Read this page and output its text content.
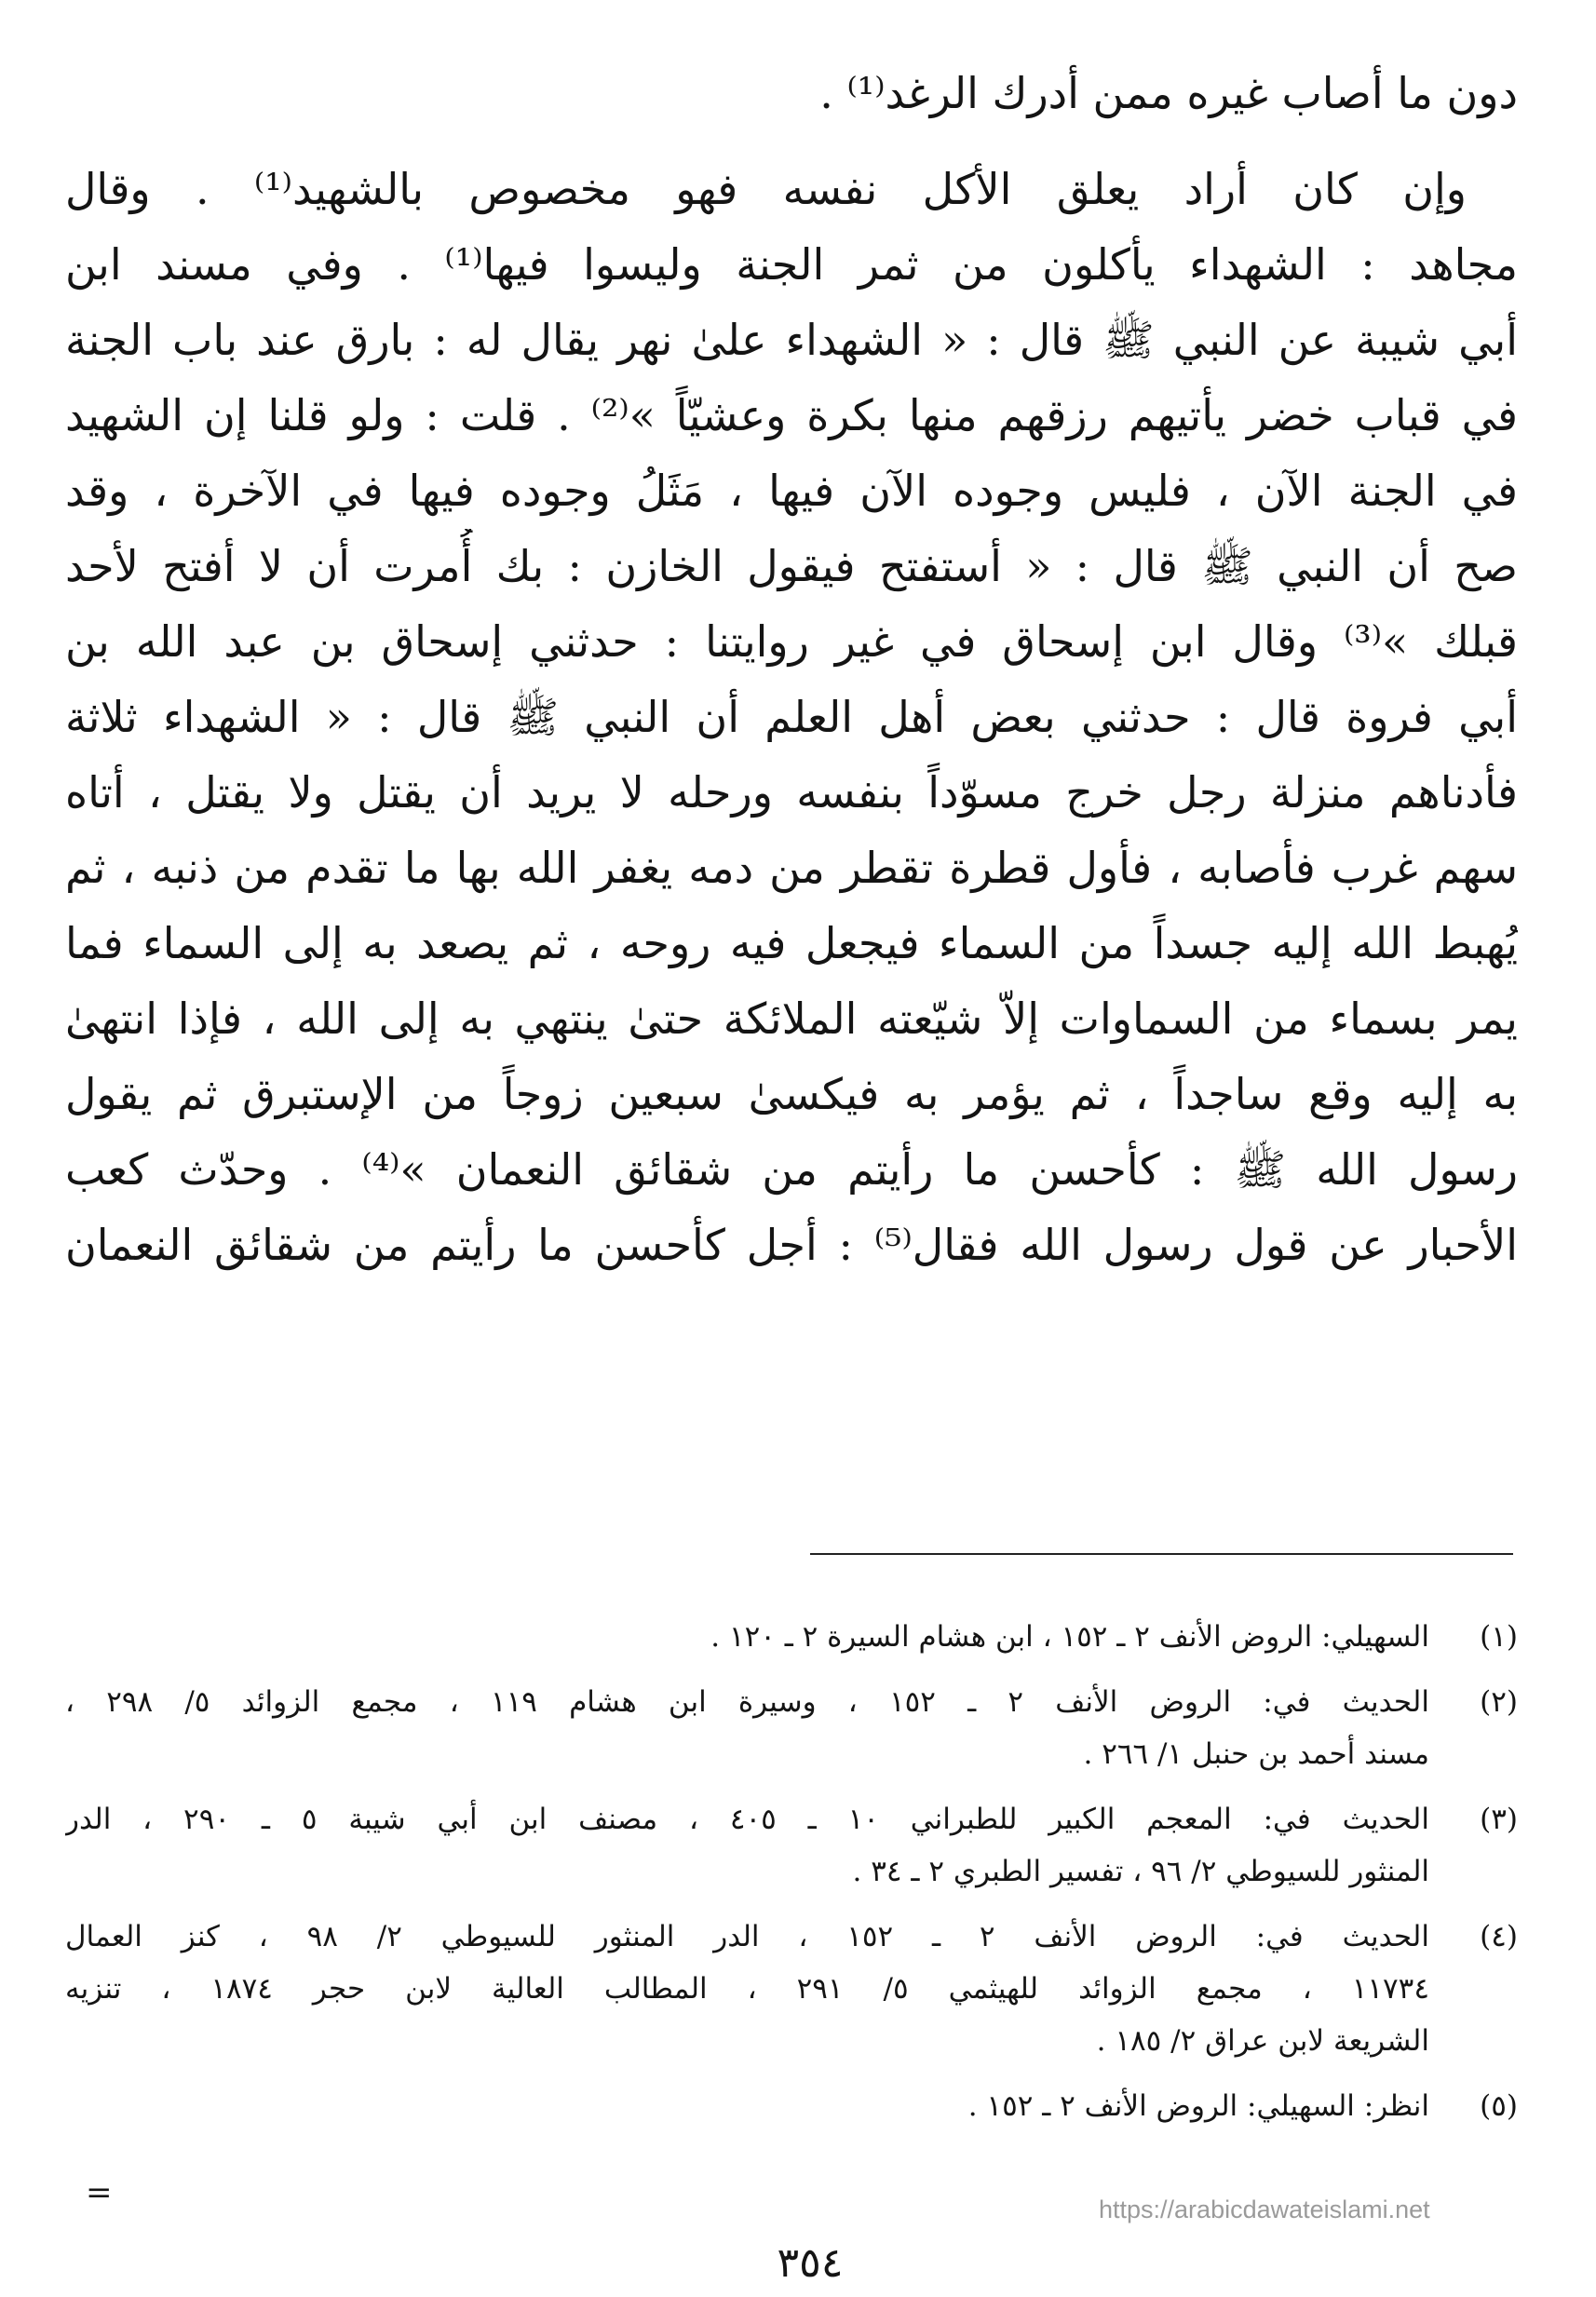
دون ما أصاب غيره ممن أدرك الرغد⁽¹⁾ .
وإن كان أراد يعلق الأكل نفسه فهو مخصوص بالشهيد⁽¹⁾ . وقال
مجاهد : الشهداء يأكلون من ثمر الجنة وليسوا فيها⁽¹⁾ . وفي مسند ابن
أبي شيبة عن النبي ﷺ قال : « الشهداء علىٰ نهر يقال له : بارق عند باب الجنة
في قباب خضر يأتيهم رزقهم منها بكرة وعشيّاً »⁽²⁾ . قلت : ولو قلنا إن الشهيد
في الجنة الآن ، فليس وجوده الآن فيها ، مَثَلُ وجوده فيها في الآخرة ، وقد
صح أن النبي ﷺ قال : « أستفتح فيقول الخازن : بك أُمرت أن لا أفتح لأحد
قبلك »⁽³⁾ وقال ابن إسحاق في غير روايتنا : حدثني إسحاق بن عبد الله بن
أبي فروة قال : حدثني بعض أهل العلم أن النبي ﷺ قال : « الشهداء ثلاثة
فأدناهم منزلة رجل خرج مسوّداً بنفسه ورحله لا يريد أن يقتل ولا يقتل ، أتاه
سهم غرب فأصابه ، فأول قطرة تقطر من دمه يغفر الله بها ما تقدم من ذنبه ، ثم
يُهبط الله إليه جسداً من السماء فيجعل فيه روحه ، ثم يصعد به إلى السماء فما
يمر بسماء من السماوات إلاّ شيّعته الملائكة حتىٰ ينتهي به إلى الله ، فإذا انتهىٰ
به إليه وقع ساجداً ، ثم يؤمر به فيكسىٰ سبعين زوجاً من الإستبرق ثم يقول
رسول الله ﷺ : كأحسن ما رأيتم من شقائق النعمان »⁽⁴⁾ . وحدّث كعب
الأحبار عن قول رسول الله فقال⁽⁵⁾ : أجل كأحسن ما رأيتم من شقائق النعمان
(١)
السهيلي: الروض الأنف ٢ ـ ١٥٢ ، ابن هشام السيرة ٢ ـ ١٢٠ .
(٢)
الحديث في: الروض الأنف ٢ ـ ١٥٢ ، وسيرة ابن هشام ١١٩ ، مجمع الزوائد ٥/ ٢٩٨ ،
مسند أحمد بن حنبل ١/ ٢٦٦ .
(٣)
الحديث في: المعجم الكبير للطبراني ١٠ ـ ٤٠٥ ، مصنف ابن أبي شيبة ٥ ـ ٢٩٠ ، الدر
المنثور للسيوطي ٢/ ٩٦ ، تفسير الطبري ٢ ـ ٣٤ .
(٤)
الحديث في: الروض الأنف ٢ ـ ١٥٢ ، الدر المنثور للسيوطي ٢/ ٩٨ ، كنز العمال
١١٧٣٤ ، مجمع الزوائد للهيثمي ٥/ ٢٩١ ، المطالب العالية لابن حجر ١٨٧٤ ، تنزيه
الشريعة لابن عراق ٢/ ١٨٥ .
(٥)
انظر: السهيلي: الروض الأنف ٢ ـ ١٥٢ .
=	https://arabicdawateislami.net
٣٥٤
